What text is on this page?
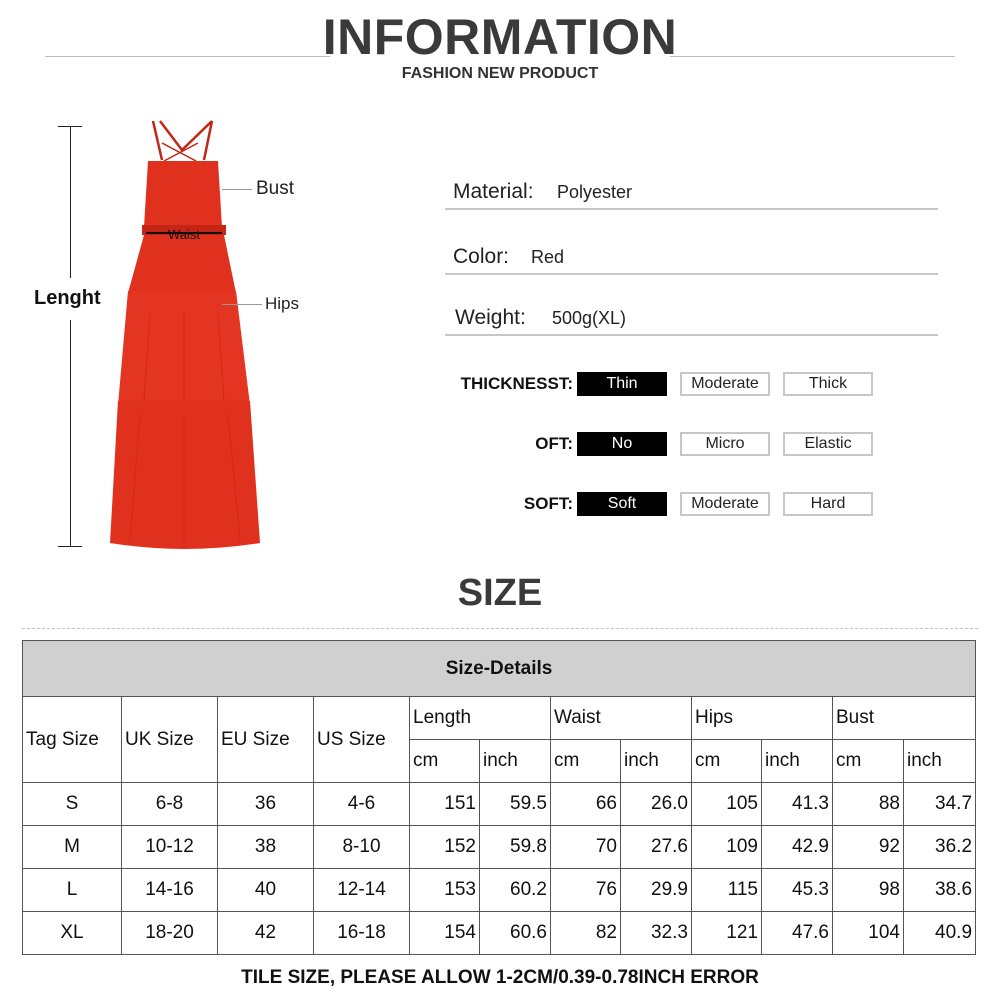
INFORMATION
FASHION NEW PRODUCT
Lenght
Bust
Waist
Hips
Material: Polyester
Color: Red
Weight: 500g(XL)
THICKNESST:	Thin	Moderate	Thick
OFT:	No	Micro	Elastic
SOFT:	Soft	Moderate	Hard
SIZE
Size-Details											
Tag Size	UK Size	EU Size	US Size	Length		Waist		Hips		Bust	
				cm	inch	cm	inch	cm	inch	cm	inch
S	6-8	36	4-6	151	59.5	66	26.0	105	41.3	88	34.7
M	10-12	38	8-10	152	59.8	70	27.6	109	42.9	92	36.2
L	14-16	40	12-14	153	60.2	76	29.9	115	45.3	98	38.6
XL	18-20	42	16-18	154	60.6	82	32.3	121	47.6	104	40.9
TILE SIZE, PLEASE ALLOW 1-2CM/0.39-0.78INCH ERROR
